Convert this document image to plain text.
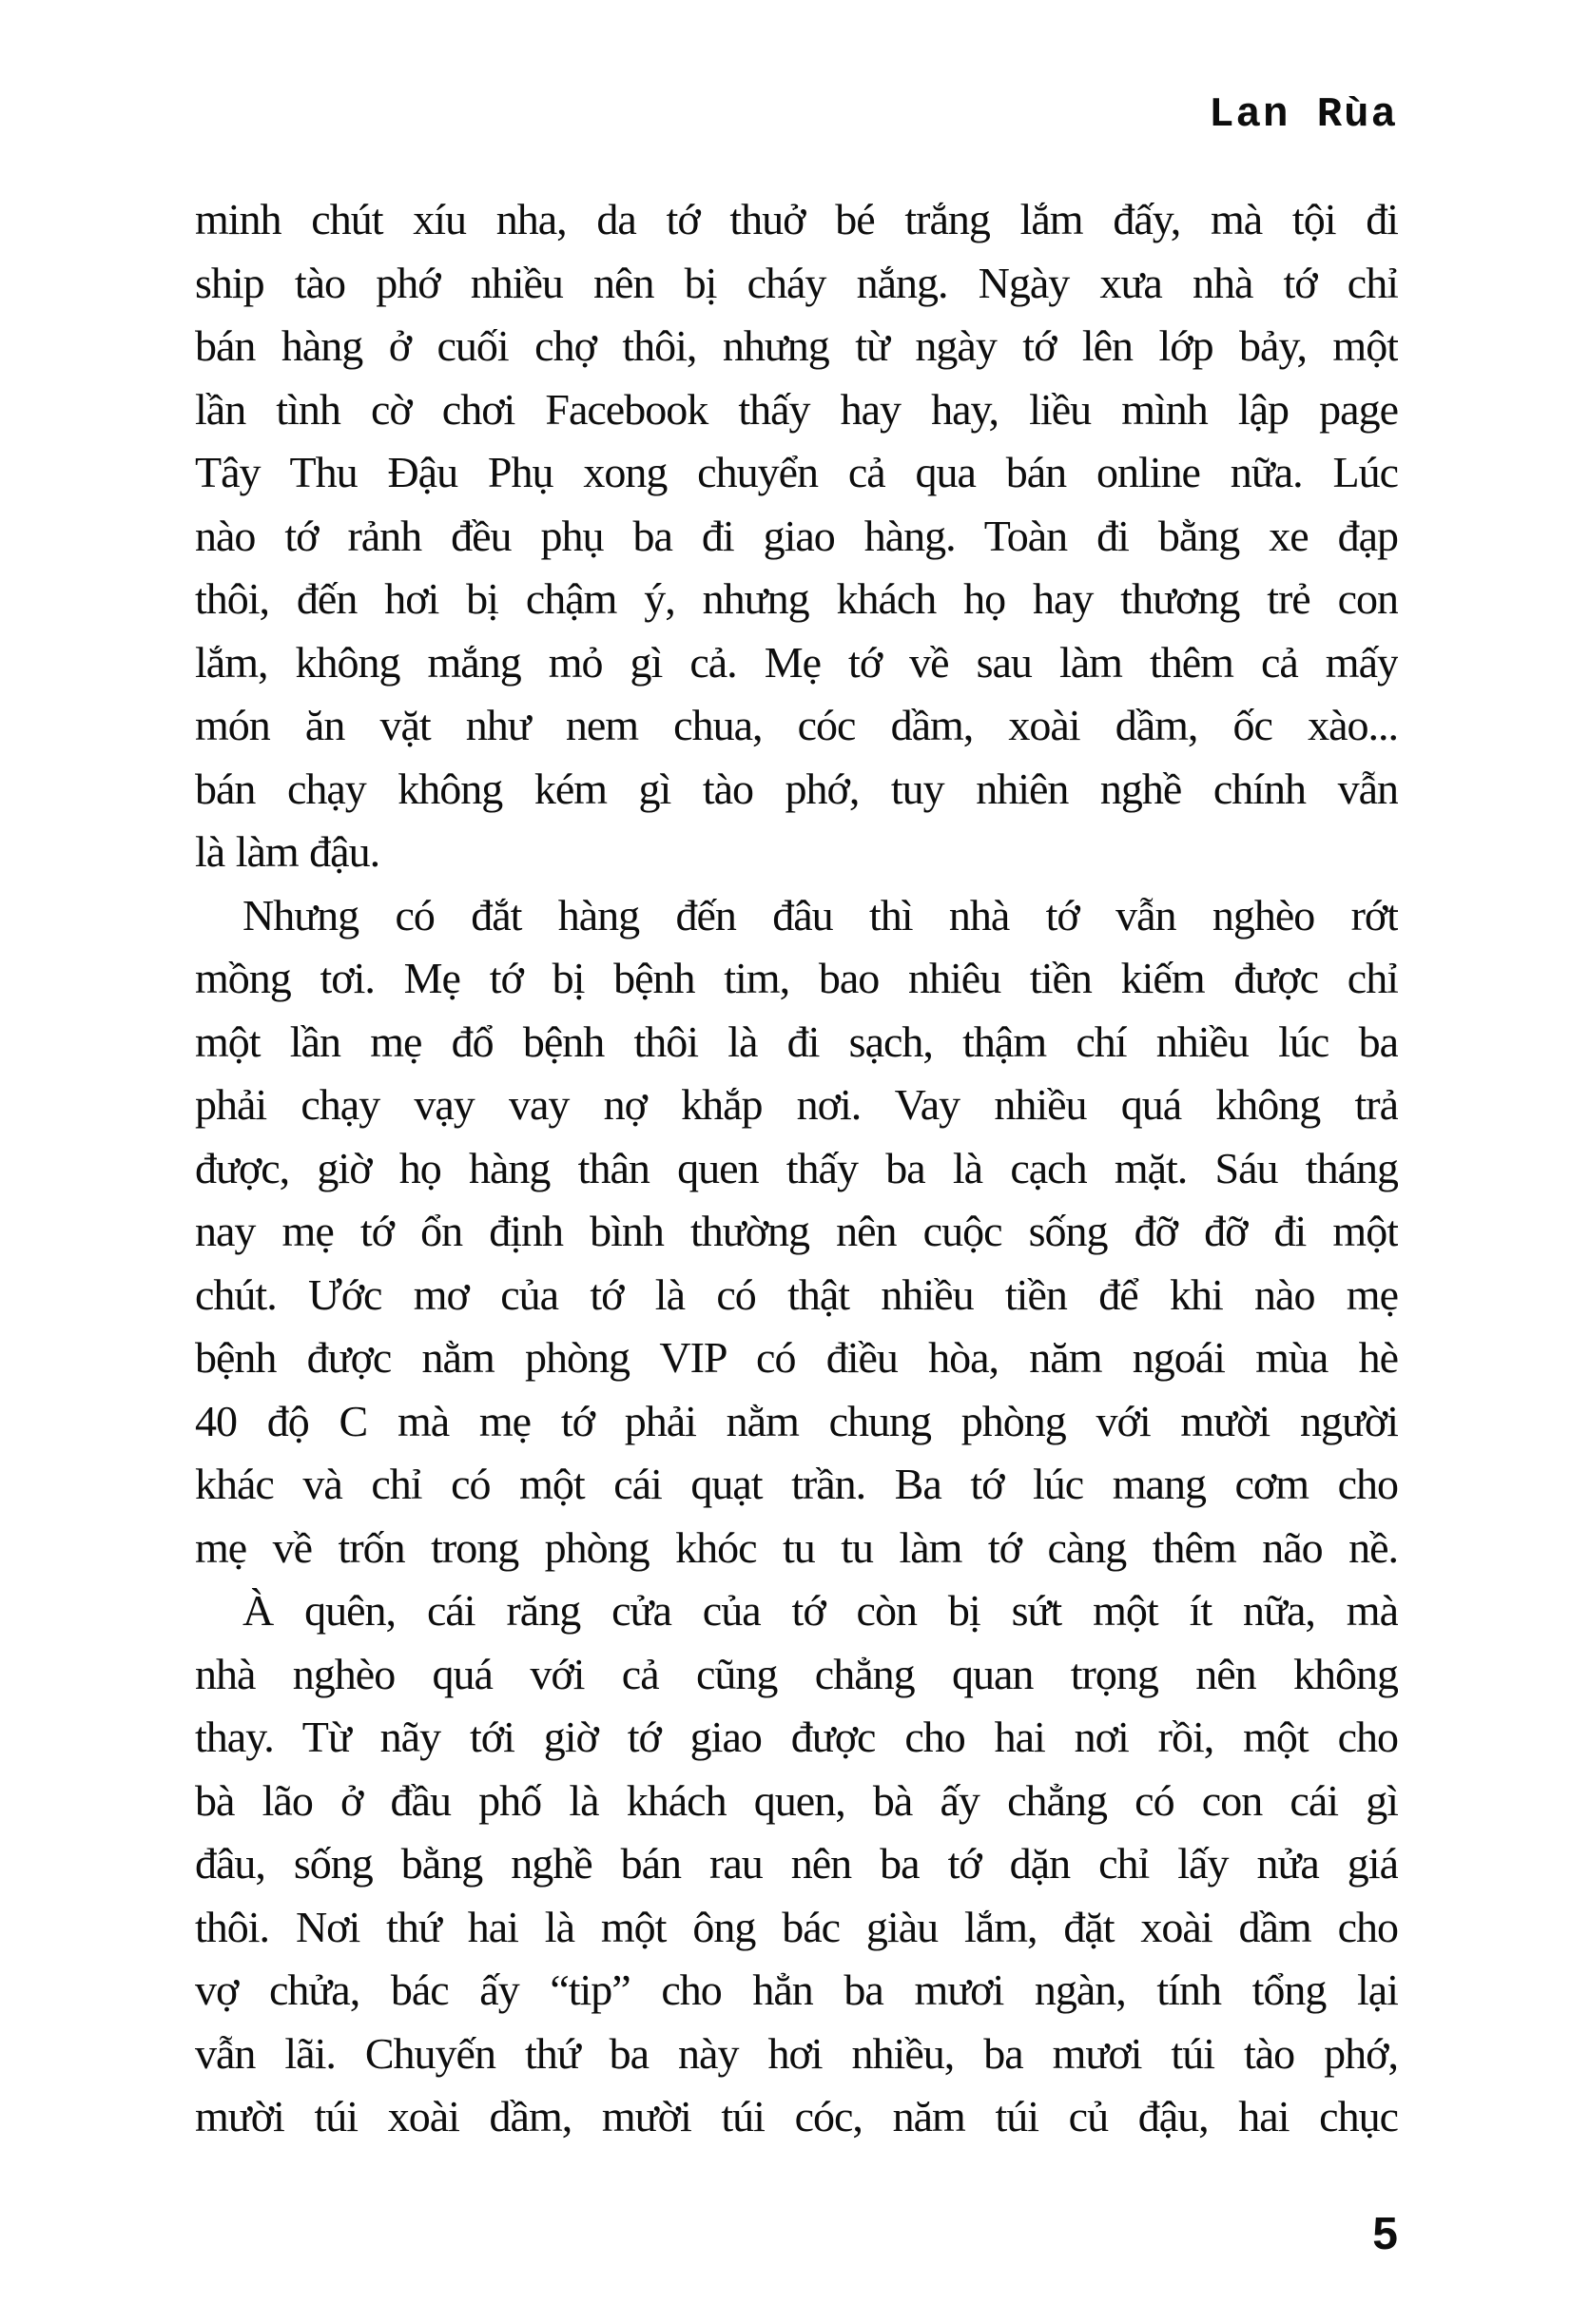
Lan Rùa
minh chút xíu nha, da tớ thuở bé trắng lắm đấy, mà tội đi
ship tào phớ nhiều nên bị cháy nắng. Ngày xưa nhà tớ chỉ
bán hàng ở cuối chợ thôi, nhưng từ ngày tớ lên lớp bảy, một
lần tình cờ chơi Facebook thấy hay hay, liều mình lập page
Tây Thu Đậu Phụ xong chuyển cả qua bán online nữa. Lúc
nào tớ rảnh đều phụ ba đi giao hàng. Toàn đi bằng xe đạp
thôi, đến hơi bị chậm ý, nhưng khách họ hay thương trẻ con
lắm, không mắng mỏ gì cả. Mẹ tớ về sau làm thêm cả mấy
món ăn vặt như nem chua, cóc dầm, xoài dầm, ốc xào...
bán chạy không kém gì tào phớ, tuy nhiên nghề chính vẫn
là làm đậu.
Nhưng có đắt hàng đến đâu thì nhà tớ vẫn nghèo rớt
mồng tơi. Mẹ tớ bị bệnh tim, bao nhiêu tiền kiếm được chỉ
một lần mẹ đổ bệnh thôi là đi sạch, thậm chí nhiều lúc ba
phải chạy vạy vay nợ khắp nơi. Vay nhiều quá không trả
được, giờ họ hàng thân quen thấy ba là cạch mặt. Sáu tháng
nay mẹ tớ ổn định bình thường nên cuộc sống đỡ đỡ đi một
chút. Ước mơ của tớ là có thật nhiều tiền để khi nào mẹ
bệnh được nằm phòng VIP có điều hòa, năm ngoái mùa hè
40 độ C mà mẹ tớ phải nằm chung phòng với mười người
khác và chỉ có một cái quạt trần. Ba tớ lúc mang cơm cho
mẹ về trốn trong phòng khóc tu tu làm tớ càng thêm não nề.
À quên, cái răng cửa của tớ còn bị sứt một ít nữa, mà
nhà nghèo quá với cả cũng chẳng quan trọng nên không
thay. Từ nãy tới giờ tớ giao được cho hai nơi rồi, một cho
bà lão ở đầu phố là khách quen, bà ấy chẳng có con cái gì
đâu, sống bằng nghề bán rau nên ba tớ dặn chỉ lấy nửa giá
thôi. Nơi thứ hai là một ông bác giàu lắm, đặt xoài dầm cho
vợ chửa, bác ấy “tip” cho hẳn ba mươi ngàn, tính tổng lại
vẫn lãi. Chuyến thứ ba này hơi nhiều, ba mươi túi tào phớ,
mười túi xoài dầm, mười túi cóc, năm túi củ đậu, hai chục
5
